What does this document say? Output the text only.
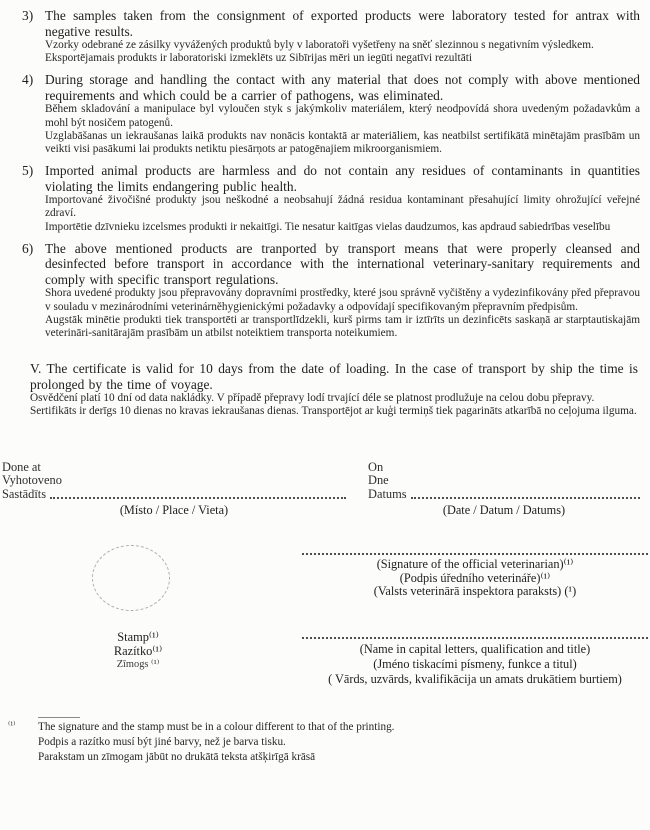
3) The samples taken from the consignment of exported products were laboratory tested for antrax with negative results.

Vzorky odebrané ze zásilky vyvážených produktů byly v laboratoři vyšetřeny na sněť slezinnou s negativním výsledkem.

Eksportējamais produkts ir laboratoriski izmeklēts uz Sibīrijas mēri un iegūti negatīvi rezultāti

4) During storage and handling the contact with any material that does not comply with above mentioned requirements and which could be a carrier of pathogens, was eliminated.

Během skladování a manipulace byl vyloučen styk s jakýmkoliv materiálem, který neodpovídá shora uvedeným požadavkům a mohl být nosičem patogenů.

Uzglabāšanas un iekraušanas laikā produkts nav nonācis kontaktā ar materiāliem, kas neatbilst sertifikātā minētajām prasībām un veikti visi pasākumi lai produkts netiktu piesārņots ar patogēnajiem mikroorganismiem.

5) Imported animal products are harmless and do not contain any residues of contaminants in quantities violating the limits endangering public health.

Importované živočišné produkty jsou neškodné a neobsahují žádná residua kontaminant přesahující limity ohrožující veřejné zdraví.

Importētie dzīvnieku izcelsmes produkti ir nekaitīgi. Tie nesatur kaitīgas vielas daudzumos, kas apdraud sabiedrības veselību

6) The above mentioned products are tranported by transport means that were properly cleansed and desinfected before transport in accordance with the international veterinary-sanitary requirements and comply with specific transport regulations.

Shora uvedené produkty jsou přepravovány dopravními prostředky, které jsou správně vyčištěny a vydezinfikovány před přepravou v souladu v mezinárodními veterinárněhygienickými požadavky a odpovídají specifikovaným přepravním předpisům.

Augstāk minētie produkti tiek transportēti ar transportlīdzekli, kurš pirms tam ir iztīrīts un dezinficēts saskaņā ar starptautiskajām veterināri-sanitārajām prasībām un atbilst noteiktiem transporta noteikumiem.

V. The certificate is valid for 10 days from the date of loading. In the case of transport by ship the time is prolonged by the time of voyage.

Osvědčení platí 10 dní od data nakládky. V případě přepravy lodí trvající déle se platnost prodlužuje na celou dobu přepravy.

Sertifikāts ir derīgs 10 dienas no kravas iekraušanas dienas. Transportējot ar kuģi termiņš tiek pagarināts atkarībā no ceļojuma ilguma.

Done at
Vyhotoveno
Sastādīts
(Místo / Place / Vieta)
On
Dne
Datums
(Date / Datum / Datums)
Stamp⁽¹⁾
Razítko⁽¹⁾
Zīmogs ⁽¹⁾
(Signature of the official veterinarian)⁽¹⁾
(Podpis úředního veterináře)⁽¹⁾
(Valsts veterinārā inspektora paraksts) (¹)
(Name in capital letters, qualification and title)
(Jméno tiskacími písmeny, funkce a titul)
( Vārds, uzvārds, kvalifikācija un amats drukātiem burtiem)
⁽¹⁾ The signature and the stamp must be in a colour different to that of the printing.
Podpis a razítko musí být jiné barvy, než je barva tisku.
Parakstam un zīmogam jābūt no drukātā teksta atšķirīgā krāsā
